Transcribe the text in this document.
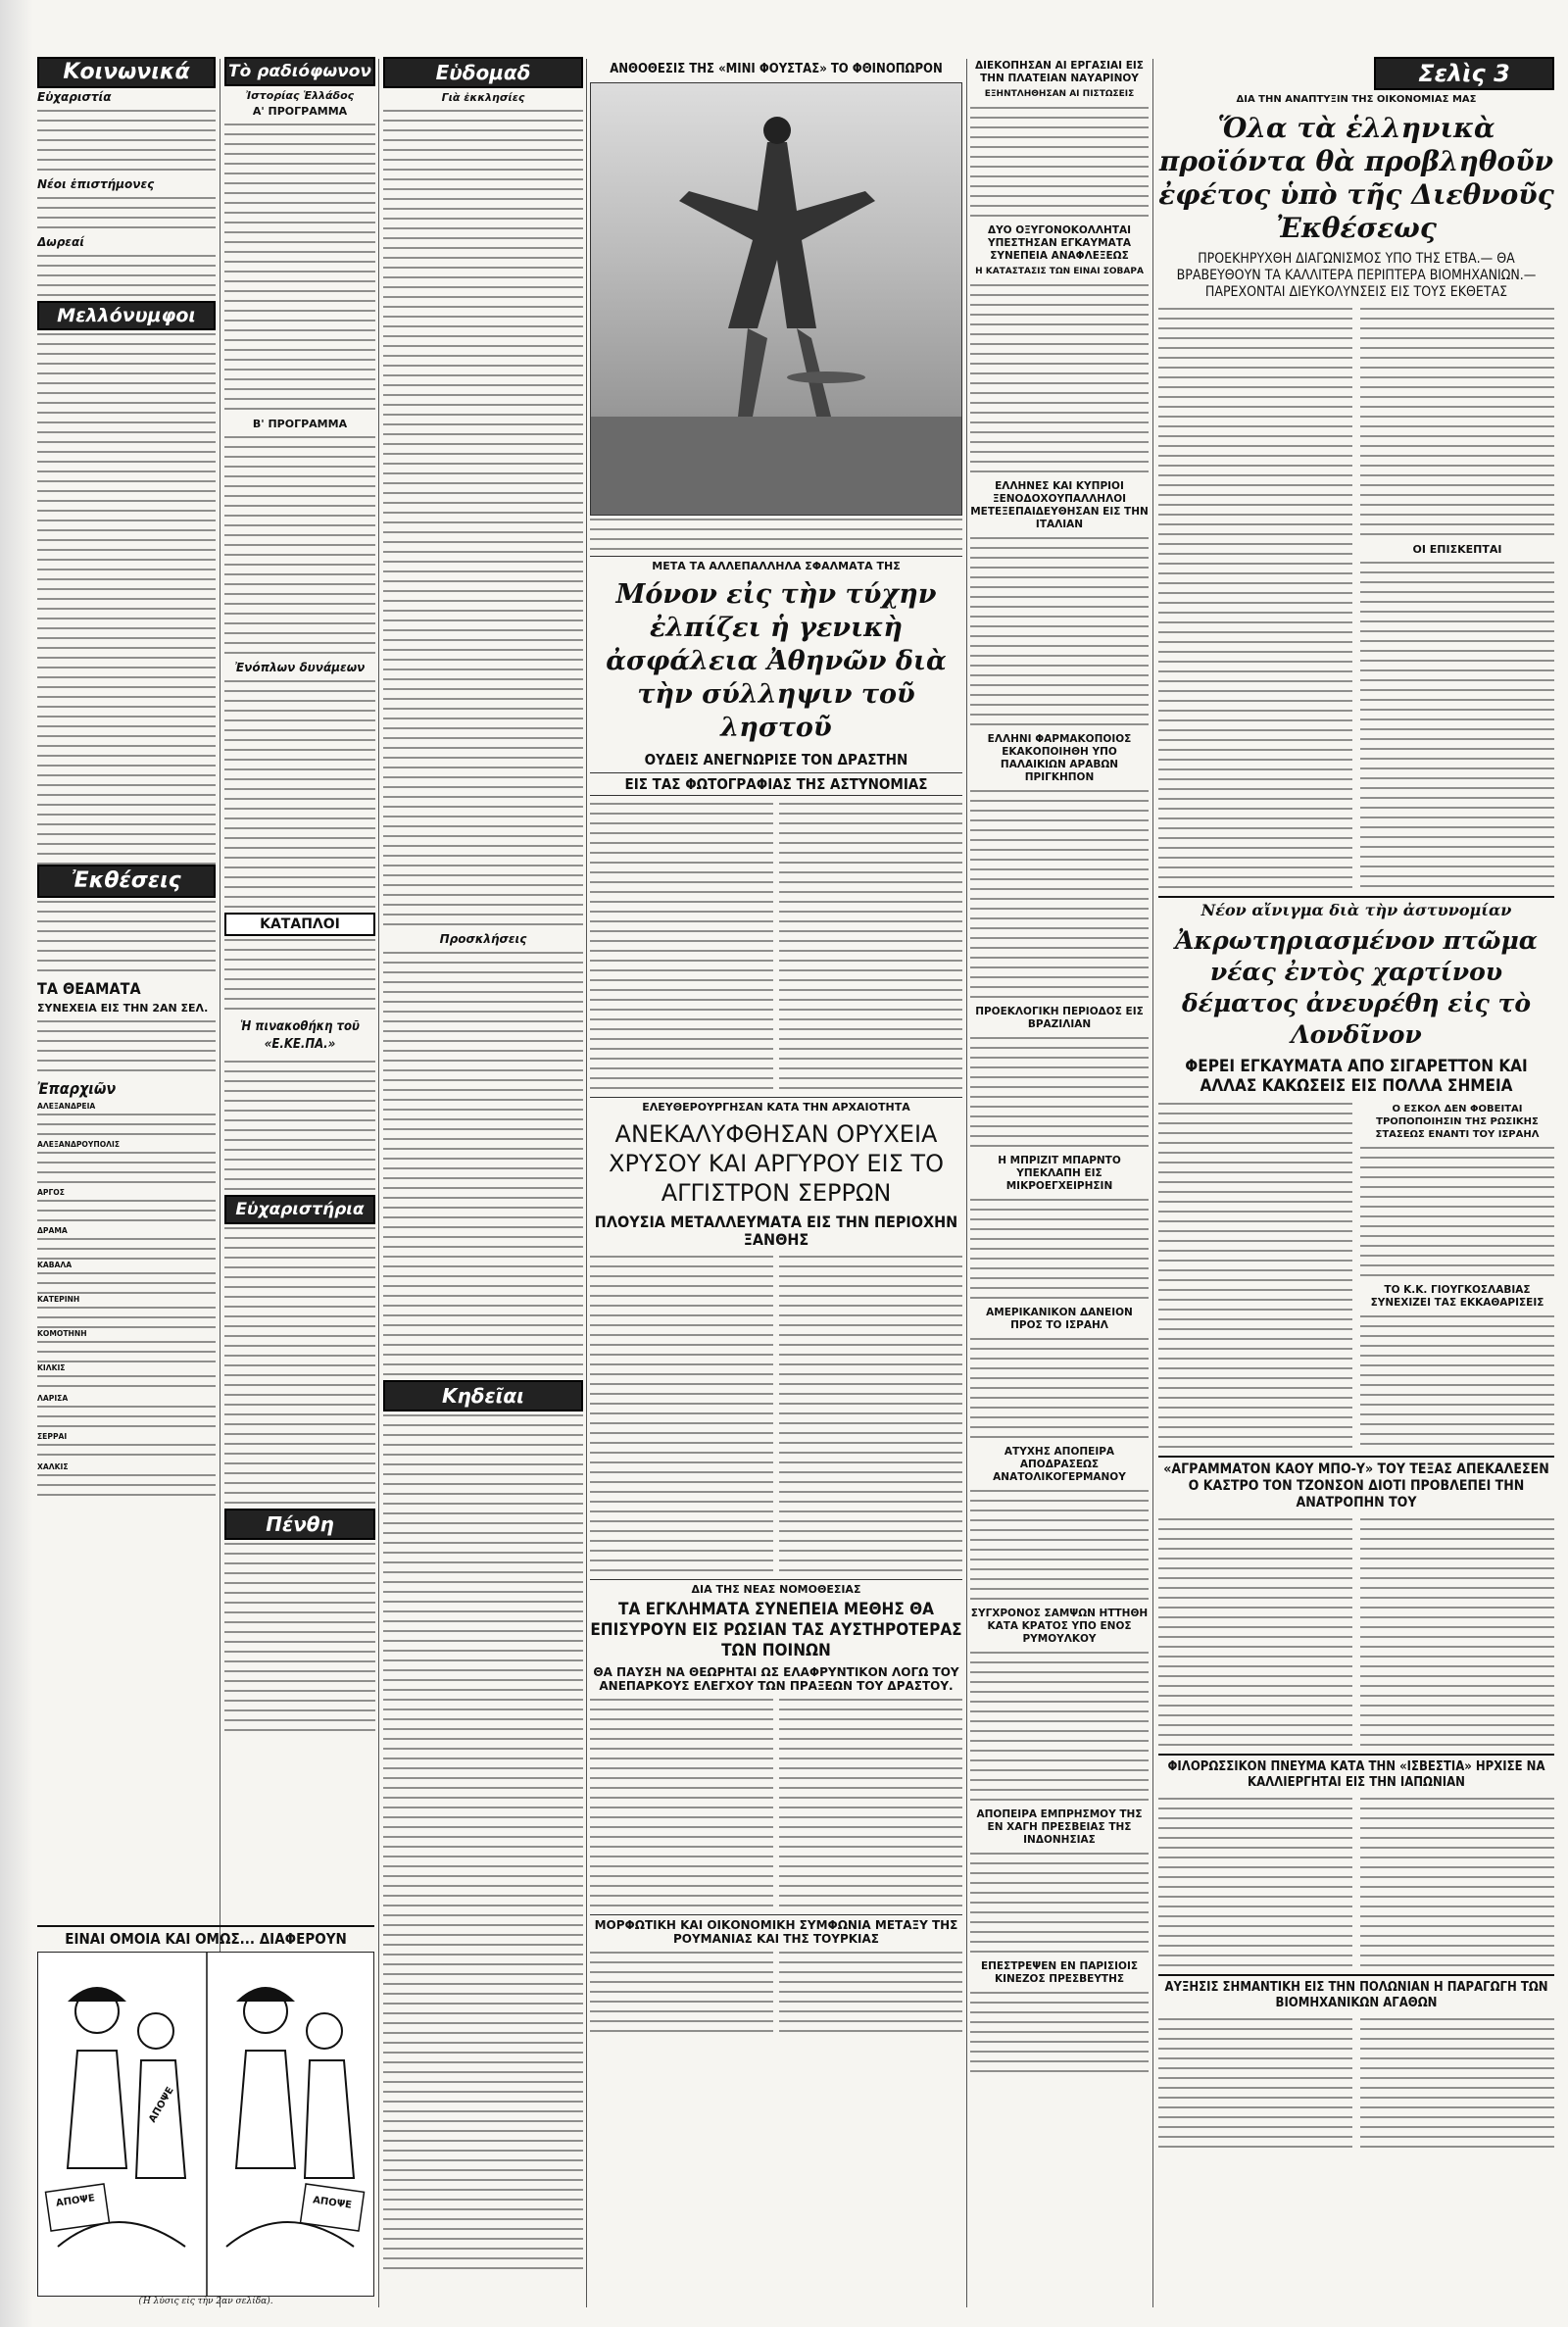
Κοινωνικά
Εὐχαριστία
Νέοι ἐπιστήμονες
Δωρεαί
Μελλόνυμφοι
Ἐκθέσεις
ΤΑ ΘΕΑΜΑΤΑ
ΣΥΝΕΧΕΙΑ ΕΙΣ ΤΗΝ 2ΑΝ ΣΕΛ.
Ἐπαρχιῶν
ΑΛΕΞΑΝΔΡΕΙΑ
ΑΛΕΞΑΝΔΡΟΥΠΟΛΙΣ
ΑΡΓΟΣ
ΔΡΑΜΑ
ΚΑΒΑΛΑ
ΚΑΤΕΡΙΝΗ
ΚΟΜΟΤΗΝΗ
ΚΙΛΚΙΣ
ΛΑΡΙΣΑ
ΣΕΡΡΑΙ
ΧΑΛΚΙΣ
Τὸ ραδιόφωνον
Ἰστορίας Ἑλλάδος
Α' ΠΡΟΓΡΑΜΜΑ
Β' ΠΡΟΓΡΑΜΜΑ
Ἐνόπλων δυνάμεων
ΚΑΤΑΠΛΟΙ
Ἡ πινακοθήκη τοῦ «Ε.ΚΕ.ΠΑ.»
Εὐχαριστήρια
Πένθη
Εὑδομαδ
Γιὰ ἐκκλησίες
Προσκλήσεις
Κηδεῖαι
ΕΙΝΑΙ ΟΜΟΙΑ ΚΑΙ ΟΜΩΣ... ΔΙΑΦΕΡΟΥΝ
ΑΠΟΨΕ
ΑΠΟΨΕ
ΑΠΟΨΕ
(Ἡ λύσις εἰς τὴν 2αν σελίδα).
ΑΝΘΟΘΕΣΙΣ ΤΗΣ «ΜΙΝΙ ΦΟΥΣΤΑΣ» ΤΟ ΦΘΙΝΟΠΩΡΟΝ
ΜΕΤΑ ΤΑ ΑΛΛΕΠΑΛΛΗΛΑ ΣΦΑΛΜΑΤΑ ΤΗΣ
Μόνον εἰς τὴν τύχην ἐλπίζει ἡ γενικὴ ἀσφάλεια Ἀθηνῶν διὰ τὴν σύλληψιν τοῦ ληστοῦ
ΟΥΔΕΙΣ ΑΝΕΓΝΩΡΙΣΕ ΤΟΝ ΔΡΑΣΤΗΝ
ΕΙΣ ΤΑΣ ΦΩΤΟΓΡΑΦΙΑΣ ΤΗΣ ΑΣΤΥΝΟΜΙΑΣ
ΕΛΕΥΘΕΡΟΥΡΓΗΣΑΝ ΚΑΤΑ ΤΗΝ ΑΡΧΑΙΟΤΗΤΑ
ΑΝΕΚΑΛΥΦΘΗΣΑΝ ΟΡΥΧΕΙΑ ΧΡΥΣΟΥ ΚΑΙ ΑΡΓΥΡΟΥ ΕΙΣ ΤΟ ΑΓΓΙΣΤΡΟΝ ΣΕΡΡΩΝ
ΠΛΟΥΣΙΑ ΜΕΤΑΛΛΕΥΜΑΤΑ ΕΙΣ ΤΗΝ ΠΕΡΙΟΧΗΝ ΞΑΝΘΗΣ
ΔΙΑ ΤΗΣ ΝΕΑΣ ΝΟΜΟΘΕΣΙΑΣ
ΤΑ ΕΓΚΛΗΜΑΤΑ ΣΥΝΕΠΕΙΑ ΜΕΘΗΣ ΘΑ ΕΠΙΣΥΡΟΥΝ ΕΙΣ ΡΩΣΙΑΝ ΤΑΣ ΑΥΣΤΗΡΟΤΕΡΑΣ ΤΩΝ ΠΟΙΝΩΝ
ΘΑ ΠΑΥΣΗ ΝΑ ΘΕΩΡΗΤΑΙ ΩΣ ΕΛΑΦΡΥΝΤΙΚΟΝ ΛΟΓΩ ΤΟΥ ΑΝΕΠΑΡΚΟΥΣ ΕΛΕΓΧΟΥ ΤΩΝ ΠΡΑΞΕΩΝ ΤΟΥ ΔΡΑΣΤΟΥ.
ΜΟΡΦΩΤΙΚΗ ΚΑΙ ΟΙΚΟΝΟΜΙΚΗ ΣΥΜΦΩΝΙΑ ΜΕΤΑΞΥ ΤΗΣ ΡΟΥΜΑΝΙΑΣ ΚΑΙ ΤΗΣ ΤΟΥΡΚΙΑΣ
ΔΙΕΚΟΠΗΣΑΝ ΑΙ ΕΡΓΑΣΙΑΙ ΕΙΣ ΤΗΝ ΠΛΑΤΕΙΑΝ ΝΑΥΑΡΙΝΟΥ
ΕΞΗΝΤΛΗΘΗΣΑΝ ΑΙ ΠΙΣΤΩΣΕΙΣ
ΔΥΟ ΟΞΥΓΟΝΟΚΟΛΛΗΤΑΙ ΥΠΕΣΤΗΣΑΝ ΕΓΚΑΥΜΑΤΑ ΣΥΝΕΠΕΙΑ ΑΝΑΦΛΕΞΕΩΣ
Η ΚΑΤΑΣΤΑΣΙΣ ΤΩΝ ΕΙΝΑΙ ΣΟΒΑΡΑ
ΕΛΛΗΝΕΣ ΚΑΙ ΚΥΠΡΙΟΙ ΞΕΝΟΔΟΧΟΥΠΑΛΛΗΛΟΙ ΜΕΤΕΞΕΠΑΙΔΕΥΘΗΣΑΝ ΕΙΣ ΤΗΝ ΙΤΑΛΙΑΝ
ΕΛΛΗΝΙ ΦΑΡΜΑΚΟΠΟΙΟΣ ΕΚΑΚΟΠΟΙΗΘΗ ΥΠΟ ΠΑΛΑΙΚΙΩΝ ΑΡΑΒΩΝ ΠΡΙΓΚΗΠΟΝ
ΠΡΟΕΚΛΟΓΙΚΗ ΠΕΡΙΟΔΟΣ ΕΙΣ ΒΡΑΖΙΛΙΑΝ
Η ΜΠΡΙΖΙΤ ΜΠΑΡΝΤΟ ΥΠΕΚΛΑΠΗ ΕΙΣ ΜΙΚΡΟΕΓΧΕΙΡΗΣΙΝ
ΑΜΕΡΙΚΑΝΙΚΟΝ ΔΑΝΕΙΟΝ ΠΡΟΣ ΤΟ ΙΣΡΑΗΛ
ΑΤΥΧΗΣ ΑΠΟΠΕΙΡΑ ΑΠΟΔΡΑΣΕΩΣ ΑΝΑΤΟΛΙΚΟΓΕΡΜΑΝΟΥ
ΣΥΓΧΡΟΝΟΣ ΣΑΜΨΩΝ ΗΤΤΗΘΗ ΚΑΤΑ ΚΡΑΤΟΣ ΥΠΟ ΕΝΟΣ ΡΥΜΟΥΛΚΟΥ
ΑΠΟΠΕΙΡΑ ΕΜΠΡΗΣΜΟΥ ΤΗΣ ΕΝ ΧΑΓΗ ΠΡΕΣΒΕΙΑΣ ΤΗΣ ΙΝΔΟΝΗΣΙΑΣ
ΕΠΕΣΤΡΕΨΕΝ ΕΝ ΠΑΡΙΣΙΟΙΣ ΚΙΝΕΖΟΣ ΠΡΕΣΒΕΥΤΗΣ
Σελὶς 3
ΔΙΑ ΤΗΝ ΑΝΑΠΤΥΞΙΝ ΤΗΣ ΟΙΚΟΝΟΜΙΑΣ ΜΑΣ
Ὅλα τὰ ἑλληνικὰ προϊόντα θὰ προβληθοῦν ἐφέτος ὑπὸ τῆς Διεθνοῦς Ἐκθέσεως
ΠΡΟΕΚΗΡΥΧΘΗ ΔΙΑΓΩΝΙΣΜΟΣ ΥΠΟ ΤΗΣ ΕΤΒΑ.— ΘΑ ΒΡΑΒΕΥΘΟΥΝ ΤΑ ΚΑΛΛΙΤΕΡΑ ΠΕΡΙΠΤΕΡΑ ΒΙΟΜΗΧΑΝΙΩΝ.— ΠΑΡΕΧΟΝΤΑΙ ΔΙΕΥΚΟΛΥΝΣΕΙΣ ΕΙΣ ΤΟΥΣ ΕΚΘΕΤΑΣ
ΟΙ ΕΠΙΣΚΕΠΤΑΙ
Νέον αἴνιγμα διὰ τὴν ἀστυνομίαν
Ἀκρωτηριασμένον πτῶμα νέας ἐντὸς χαρτίνου δέματος ἀνευρέθη εἰς τὸ Λονδῖνον
ΦΕΡΕΙ ΕΓΚΑΥΜΑΤΑ ΑΠΟ ΣΙΓΑΡΕΤΤΟΝ ΚΑΙ ΑΛΛΑΣ ΚΑΚΩΣΕΙΣ ΕΙΣ ΠΟΛΛΑ ΣΗΜΕΙΑ
Ο ΕΣΚΟΛ ΔΕΝ ΦΟΒΕΙΤΑΙ ΤΡΟΠΟΠΟΙΗΣΙΝ ΤΗΣ ΡΩΣΙΚΗΣ ΣΤΑΣΕΩΣ ΕΝΑΝΤΙ ΤΟΥ ΙΣΡΑΗΛ
ΤΟ Κ.Κ. ΓΙΟΥΓΚΟΣΛΑΒΙΑΣ ΣΥΝΕΧΙΖΕΙ ΤΑΣ ΕΚΚΑΘΑΡΙΣΕΙΣ
«ΑΓΡΑΜΜΑΤΟΝ ΚΑΟΥ ΜΠΟ-Υ» ΤΟΥ ΤΕΞΑΣ ΑΠΕΚΑΛΕΣΕΝ Ο ΚΑΣΤΡΟ ΤΟΝ ΤΖΟΝΣΟΝ ΔΙΟΤΙ ΠΡΟΒΛΕΠΕΙ ΤΗΝ ΑΝΑΤΡΟΠΗΝ ΤΟΥ
ΦΙΛΟΡΩΣΣΙΚΟΝ ΠΝΕΥΜΑ ΚΑΤΑ ΤΗΝ «ΙΣΒΕΣΤΙΑ» ΗΡΧΙΣΕ ΝΑ ΚΑΛΛΙΕΡΓΗΤΑΙ ΕΙΣ ΤΗΝ ΙΑΠΩΝΙΑΝ
ΑΥΞΗΣΙΣ ΣΗΜΑΝΤΙΚΗ ΕΙΣ ΤΗΝ ΠΟΛΩΝΙΑΝ Η ΠΑΡΑΓΩΓΗ ΤΩΝ ΒΙΟΜΗΧΑΝΙΚΩΝ ΑΓΑΘΩΝ
